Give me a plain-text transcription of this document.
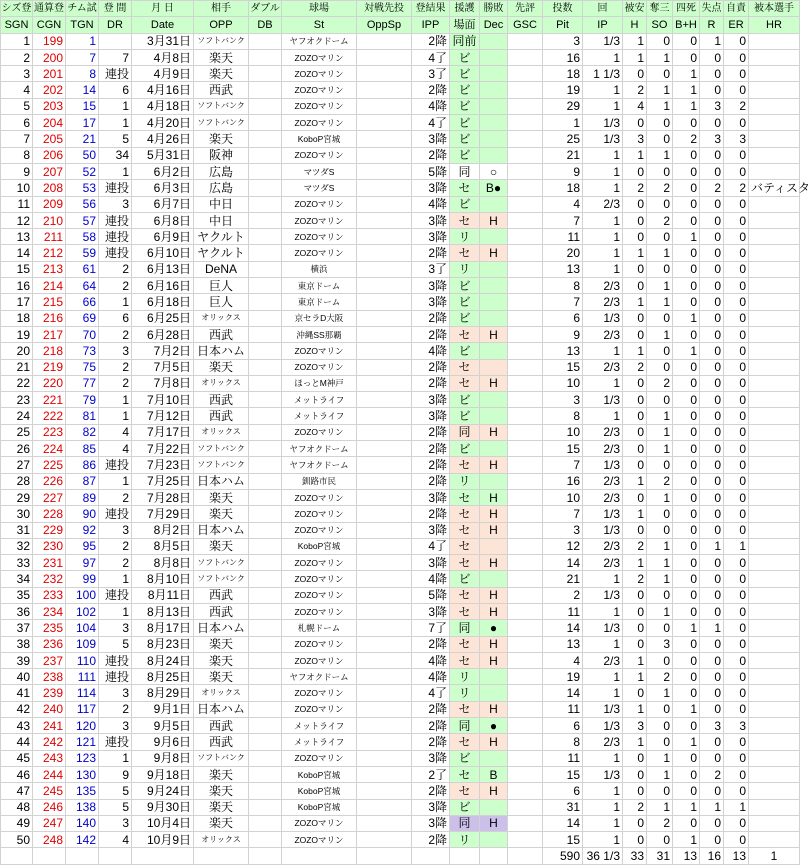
シズ登	通算登	チム試	登 間	月 日	相手	ダブル	球場	対戦先投	登結果	援護	勝敗	先評	投数	回	被安	奪三	四死	失点	自責	被本選手
SGN	CGN	TGN	DR	Date	OPP	DB	St	OppSp	IPP	場面	Dec	GSC	Pit	IP	H	SO	B+H	R	ER	HR
1	199	1		3月31日	ソフトバンク		ヤフオクドーム		2降	同前			3	1/3	1	0	0	1	0	
2	200	7	7	4月8日	楽天		ZOZOマリン		4了	ビ			16	1	1	1	0	0	0	
3	201	8	連投	4月9日	楽天		ZOZOマリン		3了	ビ			18	1 1/3	0	0	1	0	0	
4	202	14	6	4月16日	西武		ZOZOマリン		2降	ビ			19	1	2	1	1	0	0	
5	203	15	1	4月18日	ソフトバンク		ZOZOマリン		4降	ビ			29	1	4	1	1	3	2	
6	204	17	1	4月20日	ソフトバンク		ZOZOマリン		4了	ビ			1	1/3	0	0	0	0	0	
7	205	21	5	4月26日	楽天		KoboP宮城		3降	ビ			25	1/3	3	0	2	3	3	
8	206	50	34	5月31日	阪神		ZOZOマリン		2降	ビ			21	1	1	1	0	0	0	
9	207	52	1	6月2日	広島		マツダS		5降	同	○		9	1	0	0	0	0	0	
10	208	53	連投	6月3日	広島		マツダS		3降	セ	B●		18	1	2	2	0	2	2	バティスタ
11	209	56	3	6月7日	中日		ZOZOマリン		4降	ビ			4	2/3	0	0	0	0	0	
12	210	57	連投	6月8日	中日		ZOZOマリン		3降	セ	H		7	1	0	2	0	0	0	
13	211	58	連投	6月9日	ヤクルト		ZOZOマリン		3降	リ			11	1	0	0	1	0	0	
14	212	59	連投	6月10日	ヤクルト		ZOZOマリン		2降	セ	H		20	1	1	1	0	0	0	
15	213	61	2	6月13日	DeNA		横浜		3了	リ			13	1	0	0	0	0	0	
16	214	64	2	6月16日	巨人		東京ドーム		3降	ビ			8	2/3	0	1	0	0	0	
17	215	66	1	6月18日	巨人		東京ドーム		3降	ビ			7	2/3	1	1	0	0	0	
18	216	69	6	6月25日	オリックス		京セラD大阪		2降	ビ			6	1/3	0	0	1	0	0	
19	217	70	2	6月28日	西武		沖縄SS那覇		2降	セ	H		9	2/3	0	1	0	0	0	
20	218	73	3	7月2日	日本ハム		ZOZOマリン		4降	ビ			13	1	1	0	1	0	0	
21	219	75	2	7月5日	楽天		ZOZOマリン		2降	セ			15	2/3	2	0	0	0	0	
22	220	77	2	7月8日	オリックス		ほっとM神戸		2降	セ	H		10	1	0	2	0	0	0	
23	221	79	1	7月10日	西武		メットライフ		3降	ビ			3	1/3	0	0	0	0	0	
24	222	81	1	7月12日	西武		メットライフ		3降	ビ			8	1	0	1	0	0	0	
25	223	82	4	7月17日	オリックス		ZOZOマリン		2降	同	H		10	2/3	0	1	0	0	0	
26	224	85	4	7月22日	ソフトバンク		ヤフオクドーム		2降	ビ			15	2/3	0	1	0	0	0	
27	225	86	連投	7月23日	ソフトバンク		ヤフオクドーム		2降	セ	H		7	1/3	0	0	0	0	0	
28	226	87	1	7月25日	日本ハム		釧路市民		2降	リ			16	2/3	1	2	0	0	0	
29	227	89	2	7月28日	楽天		ZOZOマリン		3降	セ	H		10	2/3	0	1	0	0	0	
30	228	90	連投	7月29日	楽天		ZOZOマリン		2降	セ	H		7	1/3	1	0	0	0	0	
31	229	92	3	8月2日	日本ハム		ZOZOマリン		3降	セ	H		3	1/3	0	0	0	0	0	
32	230	95	2	8月5日	楽天		KoboP宮城		4了	セ			12	2/3	2	1	0	1	1	
33	231	97	2	8月8日	ソフトバンク		ZOZOマリン		3降	セ	H		14	2/3	1	1	0	0	0	
34	232	99	1	8月10日	ソフトバンク		ZOZOマリン		4降	ビ			21	1	2	1	0	0	0	
35	233	100	連投	8月11日	西武		ZOZOマリン		5降	セ	H		2	1/3	0	0	0	0	0	
36	234	102	1	8月13日	西武		ZOZOマリン		3降	セ	H		11	1	0	1	0	0	0	
37	235	104	3	8月17日	日本ハム		札幌ドーム		7了	同	●		14	1/3	0	0	1	1	0	
38	236	109	5	8月23日	楽天		ZOZOマリン		2降	セ	H		13	1	0	3	0	0	0	
39	237	110	連投	8月24日	楽天		ZOZOマリン		4降	セ	H		4	2/3	1	0	0	0	0	
40	238	111	連投	8月25日	楽天		ヤフオクドーム		4降	リ			19	1	1	2	0	0	0	
41	239	114	3	8月29日	オリックス		ZOZOマリン		4了	リ			14	1	0	1	0	0	0	
42	240	117	2	9月1日	日本ハム		ZOZOマリン		2降	セ	H		11	1/3	1	0	1	0	0	
43	241	120	3	9月5日	西武		メットライフ		2降	同	●		6	1/3	3	0	0	3	3	
44	242	121	連投	9月6日	西武		メットライフ		2降	セ	H		8	2/3	1	0	1	0	0	
45	243	123	1	9月8日	ソフトバンク		ZOZOマリン		3降	ビ			11	1	0	1	0	0	0	
46	244	130	9	9月18日	楽天		KoboP宮城		2了	セ	B		15	1/3	0	1	0	2	0	
47	245	135	5	9月24日	楽天		KoboP宮城		2降	セ	H		6	1	0	0	0	0	0	
48	246	138	5	9月30日	楽天		KoboP宮城		3降	ビ			31	1	2	1	1	1	1	
49	247	140	3	10月4日	楽天		ZOZOマリン		3降	同	H		14	1	0	2	0	0	0	
50	248	142	4	10月9日	オリックス		ZOZOマリン		2降	リ			15	1	0	0	1	0	0	
													590	36 1/3	33	31	13	16	13	1
